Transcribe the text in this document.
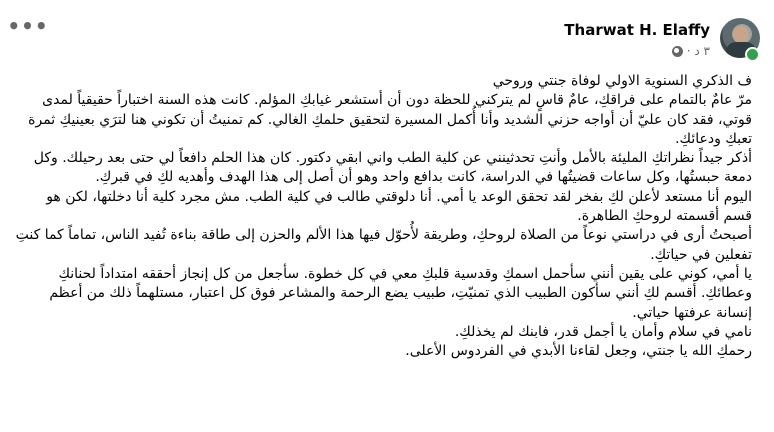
Tharwat H. Elaffy
٣ د ·
•••

ف الذكري السنوية الاولي لوفاة جنتي وروحي

مرّ عامٌ بالتمام على فراقكِ، عامٌ قاسٍ لم يتركني للحظة دون أن أستشعر غيابكِ المؤلم. كانت هذه السنة اختباراً حقيقياً لمدى قوتي، فقد كان عليّ أن أواجه حزني الشديد وأنا أُكمل المسيرة لتحقيق حلمكِ الغالي. كم تمنيتُ أن تكوني هنا لترَي بعينيكِ ثمرة تعبكِ ودعائكِ.

أذكر جيداً نظراتكِ المليئة بالأمل وأنتِ تحدثينني عن كلية الطب واني ابقي دكتور. كان هذا الحلم دافعاً لي حتى بعد رحيلك. وكل دمعة حبستُها، وكل ساعات قضيتُها في الدراسة، كانت بدافع واحد وهو أن أصل إلى هذا الهدف وأهديه لكِ في قبركِ.

اليوم أنا مستعد لأعلن لكِ بفخر لقد تحقق الوعد يا أمي. أنا دلوقتي طالب في كلية الطب. مش مجرد كلية أنا دخلتها، لكن هو قسم أقسمته لروحكِ الطاهرة.

أصبحتُ أرى في دراستي نوعاً من الصلاة لروحكِ، وطريقة لأُحوّل فيها هذا الألم والحزن إلى طاقة بناءة تُفيد الناس، تماماً كما كنتِ تفعلين في حياتكِ.

يا أمي، كوني على يقين أنني سأحمل اسمكِ وقدسية قلبكِ معي في كل خطوة. سأجعل من كل إنجاز أحققه امتداداً لحنانكِ وعطائكِ. أقسم لكِ أنني سأكون الطبيب الذي تمنيّتِ، طبيب يضع الرحمة والمشاعر فوق كل اعتبار، مستلهماً ذلك من أعظم إنسانة عرفتها حياتي.

نامي في سلام وأمان يا أجمل قدر، فابنك لم يخذلكِ.

رحمكِ الله يا جنتي، وجعل لقاءنا الأبدي في الفردوس الأعلى.
